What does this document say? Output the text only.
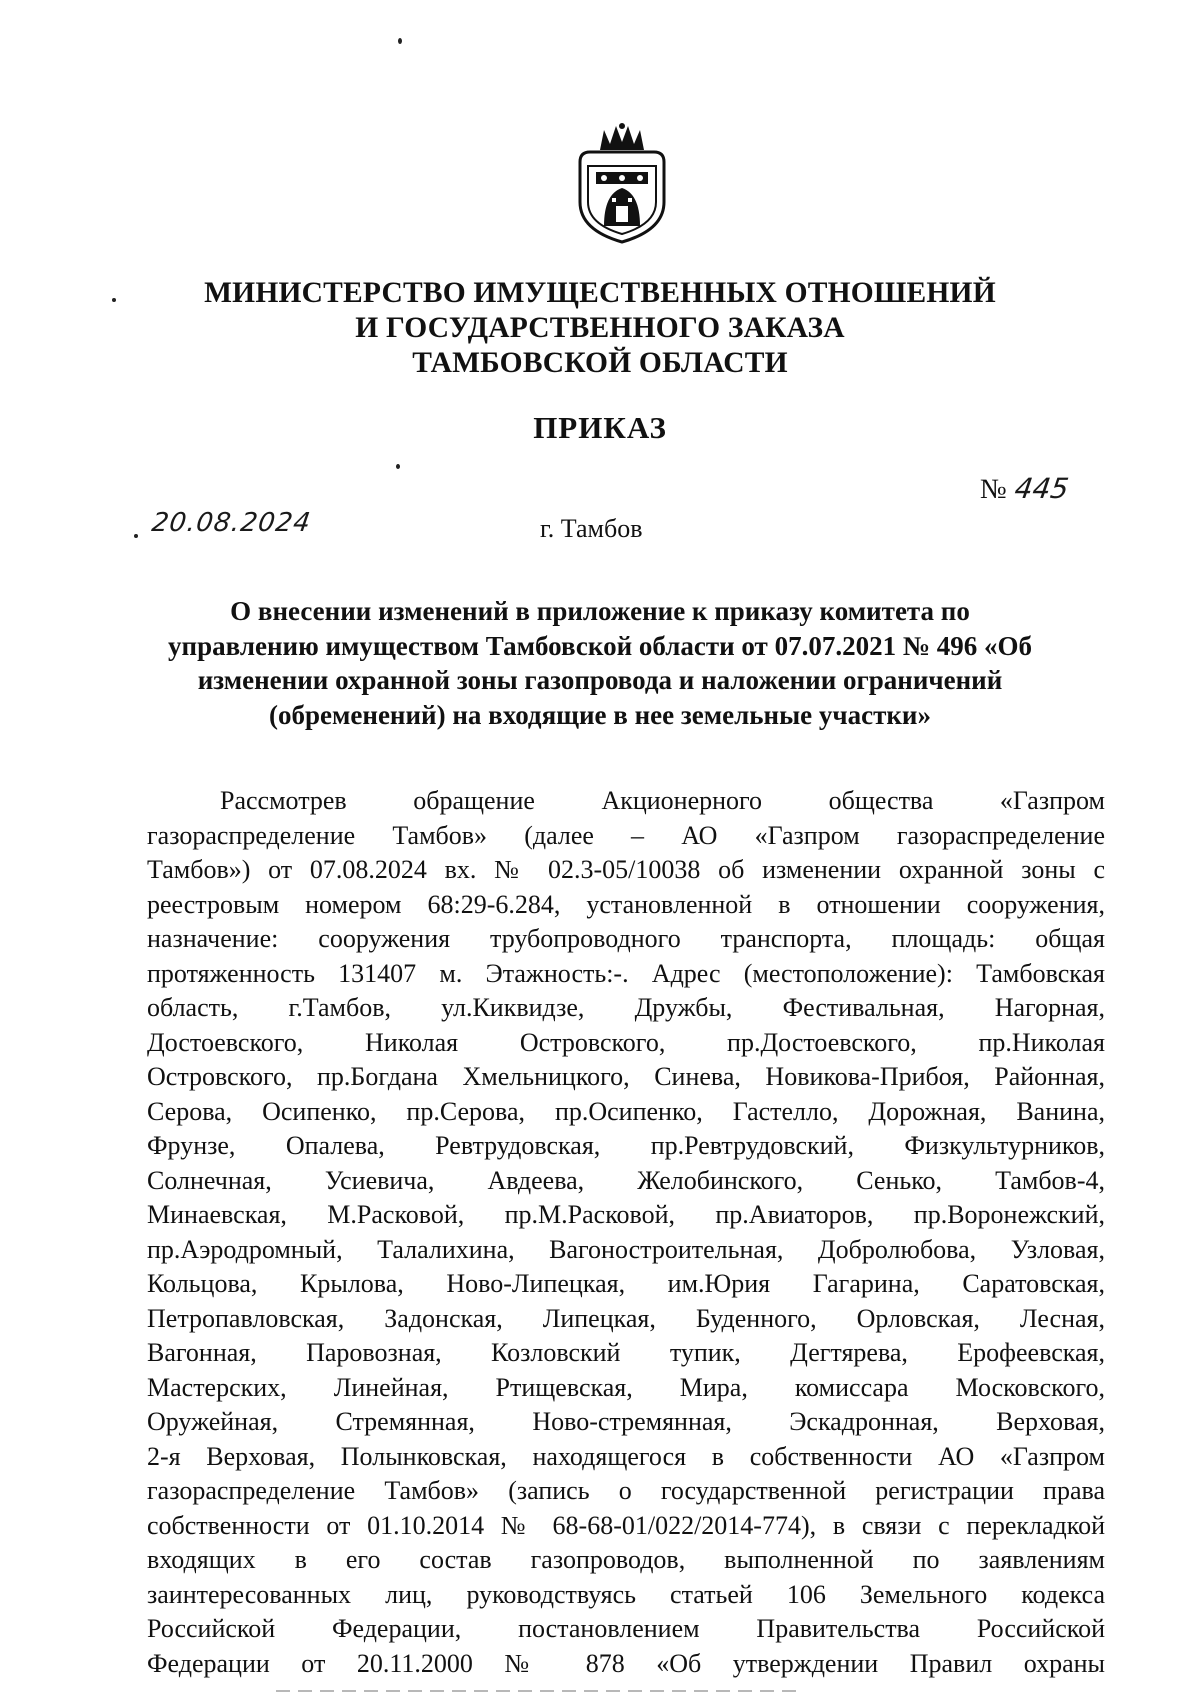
МИНИСТЕРСТВО ИМУЩЕСТВЕННЫХ ОТНОШЕНИЙ
И ГОСУДАРСТВЕННОГО ЗАКАЗА
ТАМБОВСКОЙ ОБЛАСТИ
ПРИКАЗ
20.08.2024
№ 445
г. Тамбов
О внесении изменений в приложение к приказу комитета по
управлению имуществом Тамбовской области от 07.07.2021 № 496 «Об
изменении охранной зоны газопровода и наложении ограничений
(обременений) на входящие в нее земельные участки»
Рассмотрев обращение Акционерного общества «Газпром
газораспределение Тамбов» (далее – АО «Газпром газораспределение
Тамбов») от 07.08.2024 вх. № 02.3-05/10038 об изменении охранной зоны с
реестровым номером 68:29-6.284, установленной в отношении сооружения,
назначение: сооружения трубопроводного транспорта, площадь: общая
протяженность 131407 м. Этажность:-. Адрес (местоположение): Тамбовская
область, г.Тамбов, ул.Киквидзе, Дружбы, Фестивальная, Нагорная,
Достоевского, Николая Островского, пр.Достоевского, пр.Николая
Островского, пр.Богдана Хмельницкого, Синева, Новикова-Прибоя, Районная,
Серова, Осипенко, пр.Серова, пр.Осипенко, Гастелло, Дорожная, Ванина,
Фрунзе, Опалева, Ревтрудовская, пр.Ревтрудовский, Физкультурников,
Солнечная, Усиевича, Авдеева, Желобинского, Сенько, Тамбов-4,
Минаевская, М.Расковой, пр.М.Расковой, пр.Авиаторов, пр.Воронежский,
пр.Аэродромный, Талалихина, Вагоностроительная, Добролюбова, Узловая,
Кольцова, Крылова, Ново-Липецкая, им.Юрия Гагарина, Саратовская,
Петропавловская, Задонская, Липецкая, Буденного, Орловская, Лесная,
Вагонная, Паровозная, Козловский тупик, Дегтярева, Ерофеевская,
Мастерских, Линейная, Ртищевская, Мира, комиссара Московского,
Оружейная, Стремянная, Ново-стремянная, Эскадронная, Верховая,
2-я Верховая, Полынковская, находящегося в собственности АО «Газпром
газораспределение Тамбов» (запись о государственной регистрации права
собственности от 01.10.2014 № 68-68-01/022/2014-774), в связи с перекладкой
входящих в его состав газопроводов, выполненной по заявлениям
заинтересованных лиц, руководствуясь статьей 106 Земельного кодекса
Российской Федерации, постановлением Правительства Российской
Федерации от 20.11.2000 № 878 «Об утверждении Правил охраны
